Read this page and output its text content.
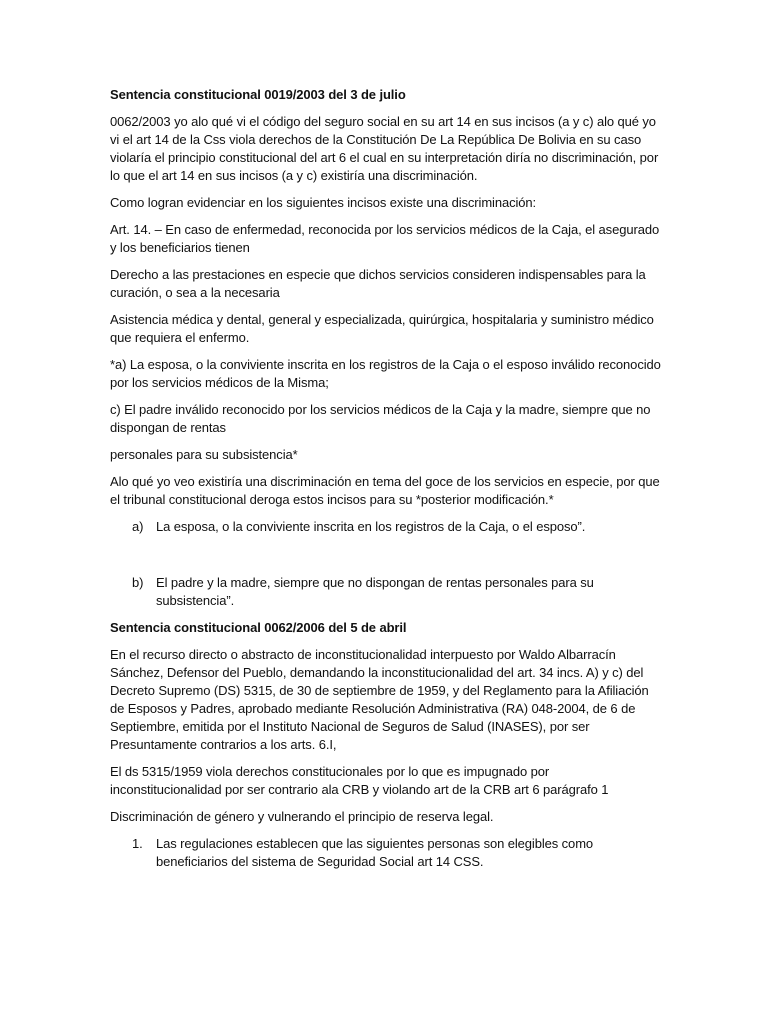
Sentencia constitucional 0019/2003 del 3 de julio

0062/2003 yo alo qué vi el código del seguro social en su art 14 en sus incisos (a y c) alo qué yo vi el art 14 de la Css viola derechos de la Constitución De La República De Bolivia en su caso violaría el principio constitucional del art 6 el cual en su interpretación diría no discriminación, por lo que el art 14 en sus incisos (a y c) existiría una discriminación.

Como logran evidenciar en los siguientes incisos existe una discriminación:

Art. 14. – En caso de enfermedad, reconocida por los servicios médicos de la Caja, el asegurado y los beneficiarios tienen

Derecho a las prestaciones en especie que dichos servicios consideren indispensables para la curación, o sea a la necesaria

Asistencia médica y dental, general y especializada, quirúrgica, hospitalaria y suministro médico que requiera el enfermo.

*a) La esposa, o la conviviente inscrita en los registros de la Caja o el esposo inválido reconocido por los servicios médicos de la Misma;

c) El padre inválido reconocido por los servicios médicos de la Caja y la madre, siempre que no dispongan de rentas

personales para su subsistencia*

Alo qué yo veo existiría una discriminación en tema del goce de los servicios en especie, por que el tribunal constitucional deroga estos incisos para su *posterior modificación.*

a) La esposa, o la conviviente inscrita en los registros de la Caja, o el esposo”.
b) El padre y la madre, siempre que no dispongan de rentas personales para su subsistencia”.

Sentencia constitucional 0062/2006 del 5 de abril

En el recurso directo o abstracto de inconstitucionalidad interpuesto por Waldo Albarracín Sánchez, Defensor del Pueblo, demandando la inconstitucionalidad del art. 34 incs. A) y c) del Decreto Supremo (DS) 5315, de 30 de septiembre de 1959, y del Reglamento para la Afiliación de Esposos y Padres, aprobado mediante Resolución Administrativa (RA) 048-2004, de 6 de Septiembre, emitida por el Instituto Nacional de Seguros de Salud (INASES), por ser Presuntamente contrarios a los arts. 6.I,

El ds 5315/1959 viola derechos constitucionales por lo que es impugnado por inconstitucionalidad por ser contrario ala CRB y violando art de la CRB art 6 parágrafo 1

Discriminación de género y vulnerando el principio de reserva legal.

1. Las regulaciones establecen que las siguientes personas son elegibles como beneficiarios del sistema de Seguridad Social art 14 CSS.
